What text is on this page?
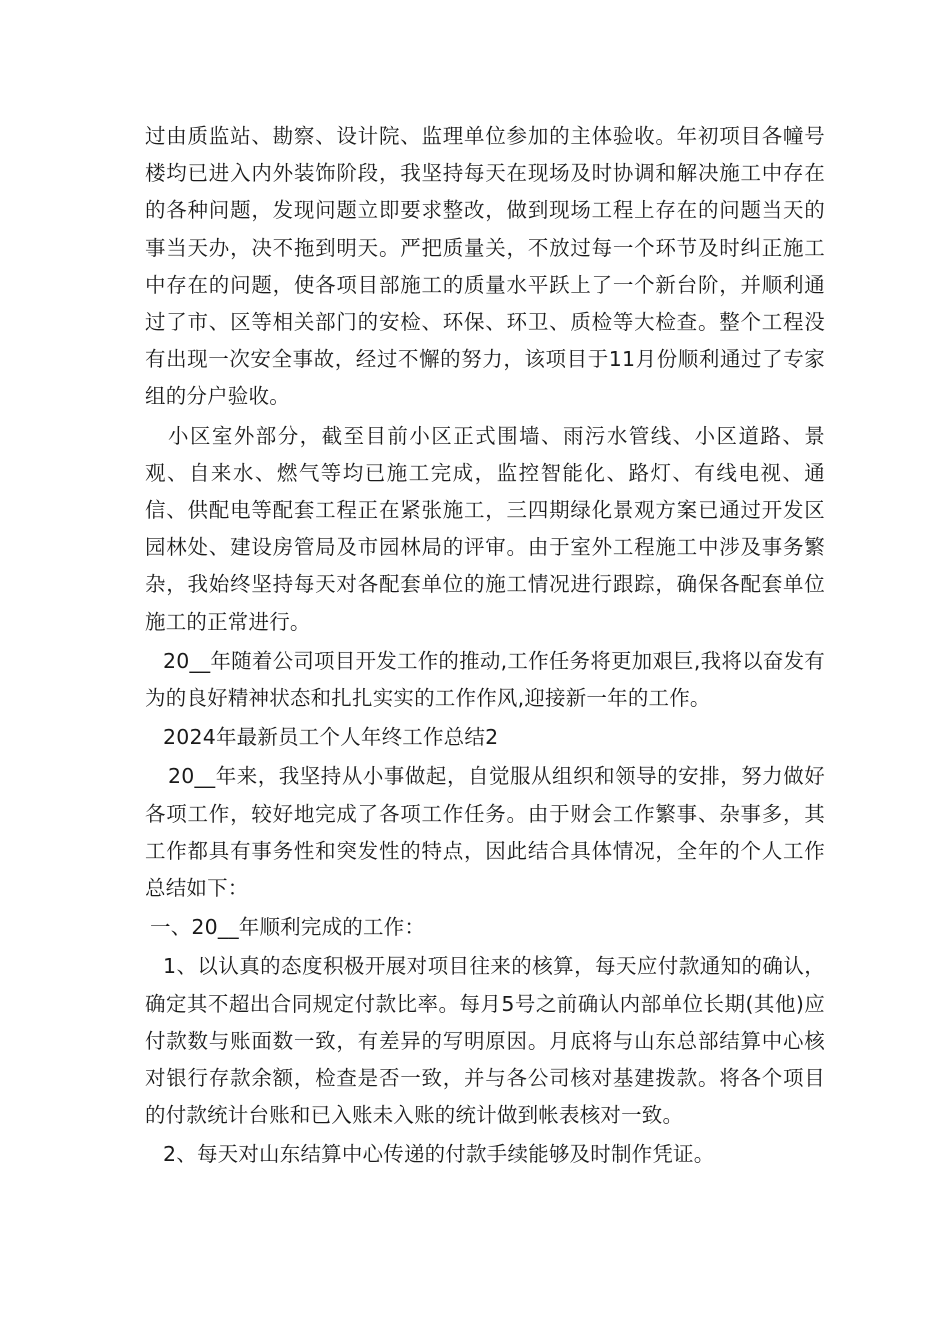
过由质监站、勘察、设计院、监理单位参加的主体验收。年初项目各幢号楼均已进入内外装饰阶段，我坚持每天在现场及时协调和解决施工中存在的各种问题，发现问题立即要求整改，做到现场工程上存在的问题当天的事当天办，决不拖到明天。严把质量关，不放过每一个环节及时纠正施工中存在的问题，使各项目部施工的质量水平跃上了一个新台阶，并顺利通过了市、区等相关部门的安检、环保、环卫、质检等大检查。整个工程没有出现一次安全事故，经过不懈的努力，该项目于11月份顺利通过了专家组的分户验收。

小区室外部分，截至目前小区正式围墙、雨污水管线、小区道路、景观、自来水、燃气等均已施工完成，监控智能化、路灯、有线电视、通信、供配电等配套工程正在紧张施工，三四期绿化景观方案已通过开发区园林处、建设房管局及市园林局的评审。由于室外工程施工中涉及事务繁杂，我始终坚持每天对各配套单位的施工情况进行跟踪，确保各配套单位施工的正常进行。

20__年随着公司项目开发工作的推动,工作任务将更加艰巨,我将以奋发有为的良好精神状态和扎扎实实的工作作风,迎接新一年的工作。

2024年最新员工个人年终工作总结2

20__年来，我坚持从小事做起，自觉服从组织和领导的安排，努力做好各项工作，较好地完成了各项工作任务。由于财会工作繁事、杂事多，其工作都具有事务性和突发性的特点，因此结合具体情况，全年的个人工作总结如下：

一、20__年顺利完成的工作：

1、以认真的态度积极开展对项目往来的核算，每天应付款通知的确认，确定其不超出合同规定付款比率。每月5号之前确认内部单位长期(其他)应付款数与账面数一致，有差异的写明原因。月底将与山东总部结算中心核对银行存款余额，检查是否一致，并与各公司核对基建拨款。将各个项目的付款统计台账和已入账未入账的统计做到帐表核对一致。

2、每天对山东结算中心传递的付款手续能够及时制作凭证。
